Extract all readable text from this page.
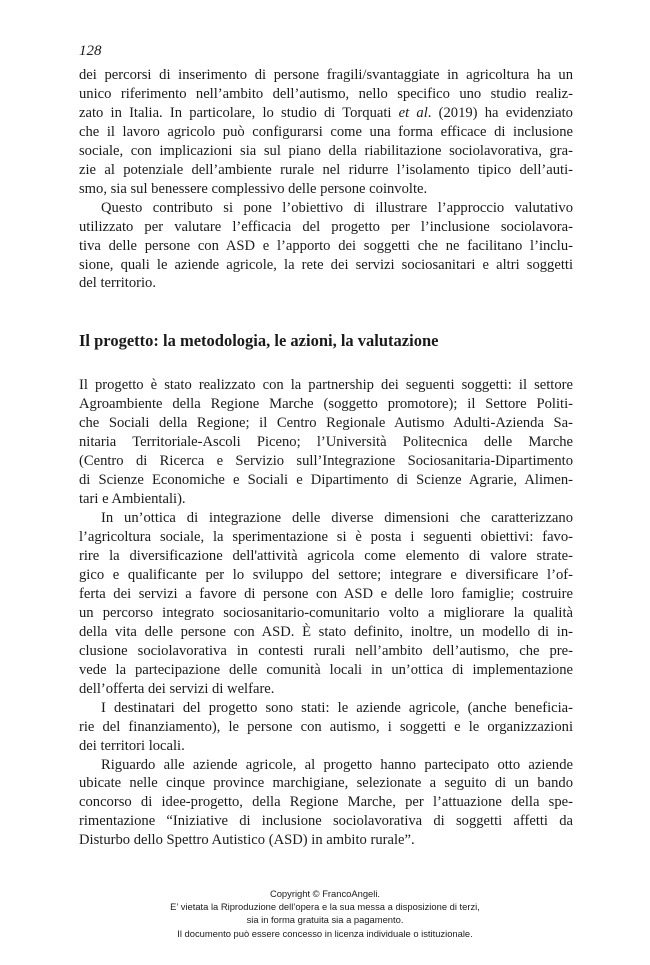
128

dei percorsi di inserimento di persone fragili/svantaggiate in agricoltura ha un
unico riferimento nell’ambito dell’autismo, nello specifico uno studio realiz-
zato in Italia. In particolare, lo studio di Torquati et al. (2019) ha evidenziato
che il lavoro agricolo può configurarsi come una forma efficace di inclusione
sociale, con implicazioni sia sul piano della riabilitazione sociolavorativa, gra-
zie al potenziale dell’ambiente rurale nel ridurre l’isolamento tipico dell’auti-
smo, sia sul benessere complessivo delle persone coinvolte.

Questo contributo si pone l’obiettivo di illustrare l’approccio valutativo
utilizzato per valutare l’efficacia del progetto per l’inclusione sociolavora-
tiva delle persone con ASD e l’apporto dei soggetti che ne facilitano l’inclu-
sione, quali le aziende agricole, la rete dei servizi sociosanitari e altri soggetti
del territorio.

Il progetto: la metodologia, le azioni, la valutazione

Il progetto è stato realizzato con la partnership dei seguenti soggetti: il settore
Agroambiente della Regione Marche (soggetto promotore); il Settore Politi-
che Sociali della Regione; il Centro Regionale Autismo Adulti-Azienda Sa-
nitaria Territoriale-Ascoli Piceno; l’Università Politecnica delle Marche
(Centro di Ricerca e Servizio sull’Integrazione Sociosanitaria-Dipartimento
di Scienze Economiche e Sociali e Dipartimento di Scienze Agrarie, Alimen-
tari e Ambientali).

In un’ottica di integrazione delle diverse dimensioni che caratterizzano
l’agricoltura sociale, la sperimentazione si è posta i seguenti obiettivi: favo-
rire la diversificazione dell'attività agricola come elemento di valore strate-
gico e qualificante per lo sviluppo del settore; integrare e diversificare l’of-
ferta dei servizi a favore di persone con ASD e delle loro famiglie; costruire
un percorso integrato sociosanitario-comunitario volto a migliorare la qualità
della vita delle persone con ASD. È stato definito, inoltre, un modello di in-
clusione sociolavorativa in contesti rurali nell’ambito dell’autismo, che pre-
vede la partecipazione delle comunità locali in un’ottica di implementazione
dell’offerta dei servizi di welfare.

I destinatari del progetto sono stati: le aziende agricole, (anche beneficia-
rie del finanziamento), le persone con autismo, i soggetti e le organizzazioni
dei territori locali.

Riguardo alle aziende agricole, al progetto hanno partecipato otto aziende
ubicate nelle cinque province marchigiane, selezionate a seguito di un bando
concorso di idee-progetto, della Regione Marche, per l’attuazione della spe-
rimentazione “Iniziative di inclusione sociolavorativa di soggetti affetti da
Disturbo dello Spettro Autistico (ASD) in ambito rurale”.

Copyright © FrancoAngeli.
E’ vietata la Riproduzione dell’opera e la sua messa a disposizione di terzi,
sia in forma gratuita sia a pagamento.
Il documento può essere concesso in licenza individuale o istituzionale.
